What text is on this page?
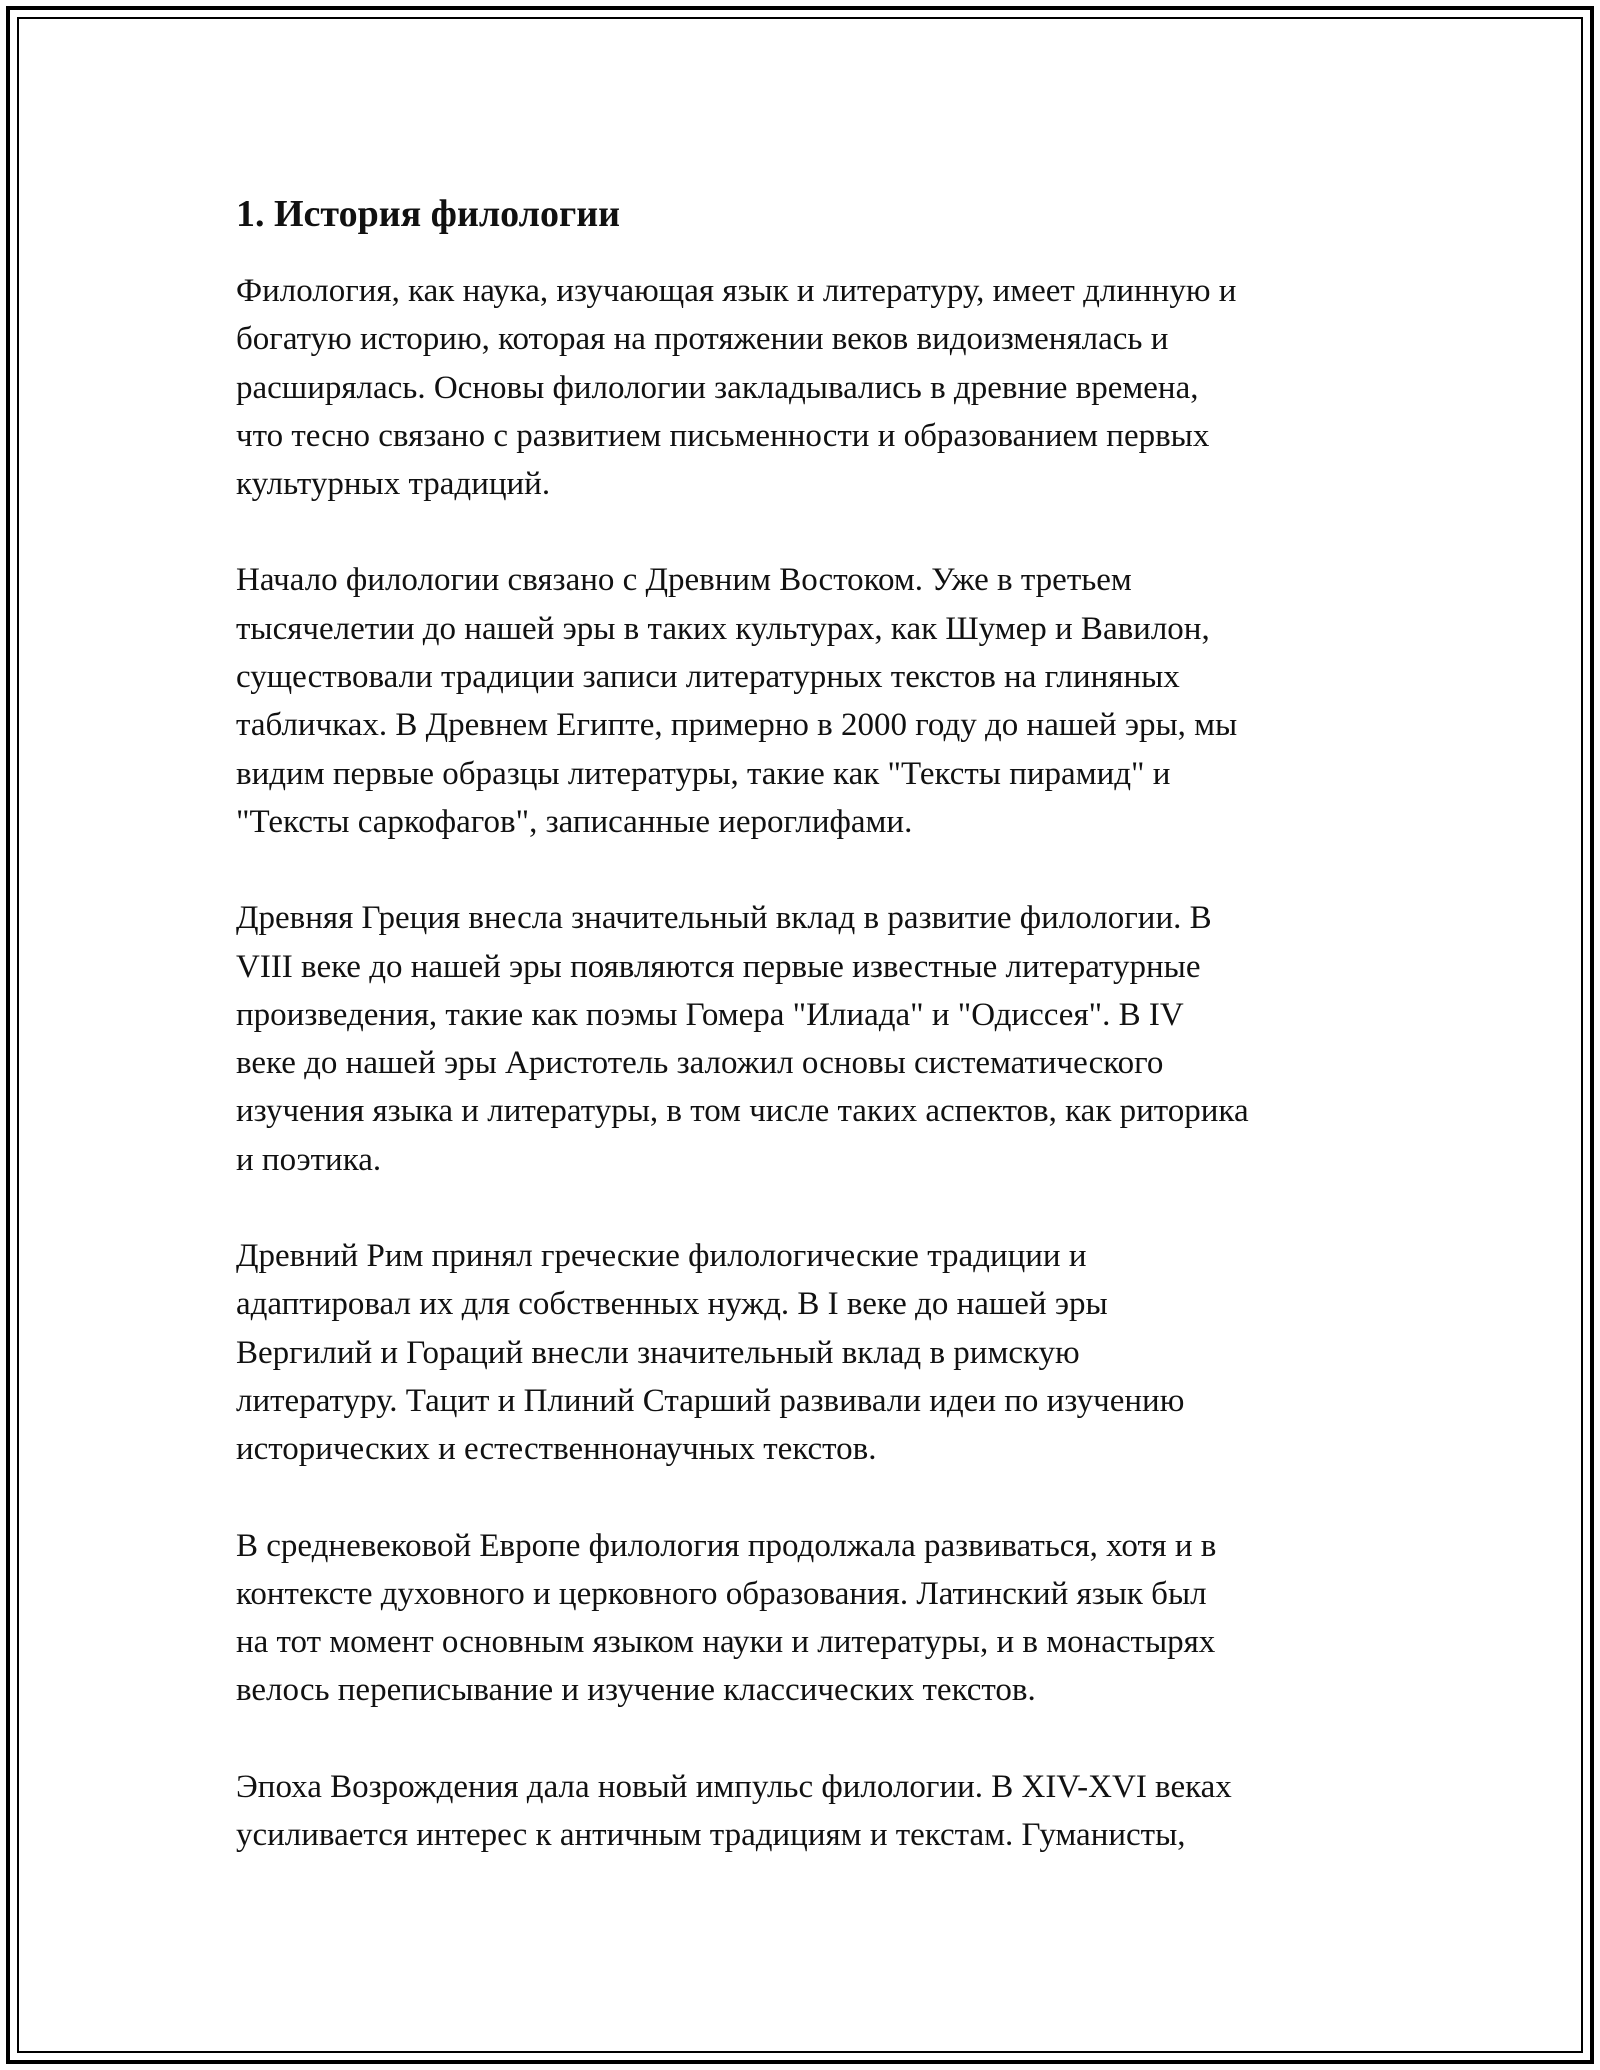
1. История филологии

Филология, как наука, изучающая язык и литературу, имеет длинную и
богатую историю, которая на протяжении веков видоизменялась и
расширялась. Основы филологии закладывались в древние времена,
что тесно связано с развитием письменности и образованием первых
культурных традиций.

Начало филологии связано с Древним Востоком. Уже в третьем
тысячелетии до нашей эры в таких культурах, как Шумер и Вавилон,
существовали традиции записи литературных текстов на глиняных
табличках. В Древнем Египте, примерно в 2000 году до нашей эры, мы
видим первые образцы литературы, такие как "Тексты пирамид" и
"Тексты саркофагов", записанные иероглифами.

Древняя Греция внесла значительный вклад в развитие филологии. В
VIII веке до нашей эры появляются первые известные литературные
произведения, такие как поэмы Гомера "Илиада" и "Одиссея". В IV
веке до нашей эры Аристотель заложил основы систематического
изучения языка и литературы, в том числе таких аспектов, как риторика
и поэтика.

Древний Рим принял греческие филологические традиции и
адаптировал их для собственных нужд. В I веке до нашей эры
Вергилий и Гораций внесли значительный вклад в римскую
литературу. Тацит и Плиний Старший развивали идеи по изучению
исторических и естественнонаучных текстов.

В средневековой Европе филология продолжала развиваться, хотя и в
контексте духовного и церковного образования. Латинский язык был
на тот момент основным языком науки и литературы, и в монастырях
велось переписывание и изучение классических текстов.

Эпоха Возрождения дала новый импульс филологии. В XIV-XVI веках
усиливается интерес к античным традициям и текстам. Гуманисты,
